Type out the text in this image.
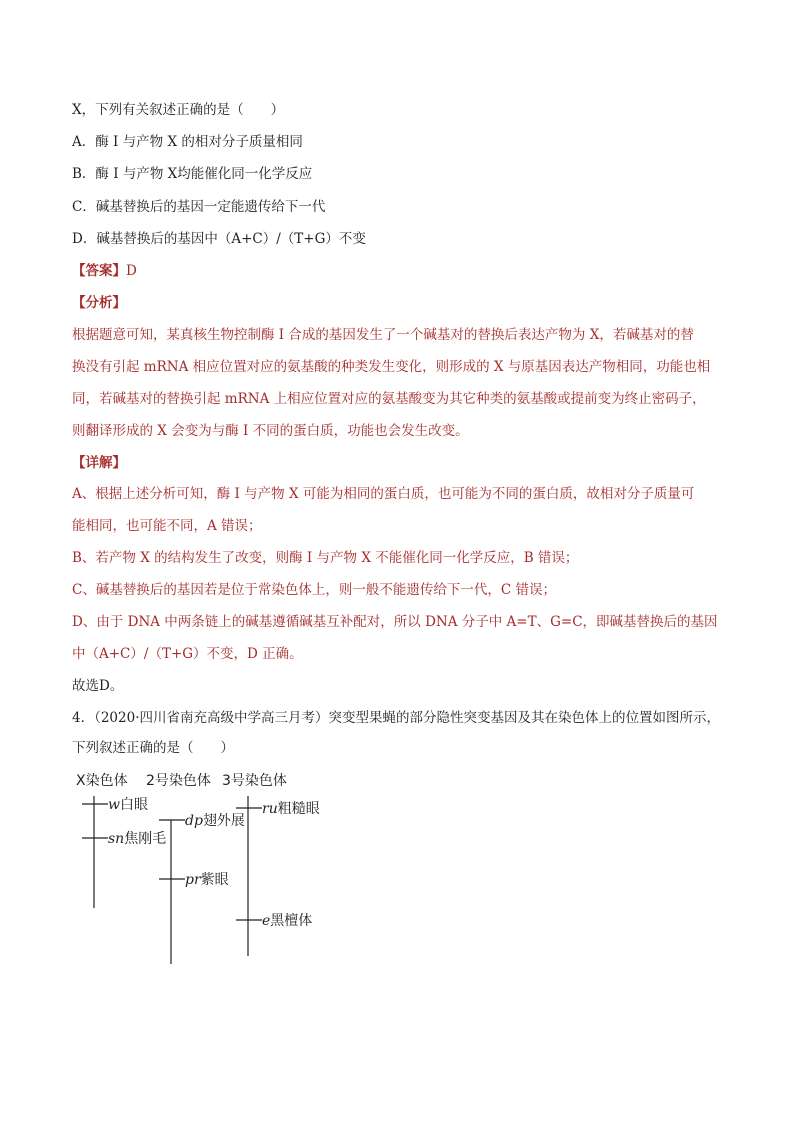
X，下列有关叙述正确的是（　　）
A．酶 I 与产物 X 的相对分子质量相同
B．酶 I 与产物 X均能催化同一化学反应
C．碱基替换后的基因一定能遗传给下一代
D．碱基替换后的基因中（A+C）/（T+G）不变
【答案】D
【分析】
根据题意可知，某真核生物控制酶 I 合成的基因发生了一个碱基对的替换后表达产物为 X，若碱基对的替
换没有引起 mRNA 相应位置对应的氨基酸的种类发生变化，则形成的 X 与原基因表达产物相同，功能也相
同，若碱基对的替换引起 mRNA 上相应位置对应的氨基酸变为其它种类的氨基酸或提前变为终止密码子，
则翻译形成的 X 会变为与酶 I 不同的蛋白质，功能也会发生改变。
【详解】
A、根据上述分析可知，酶 I 与产物 X 可能为相同的蛋白质，也可能为不同的蛋白质，故相对分子质量可
能相同，也可能不同，A 错误；
B、若产物 X 的结构发生了改变，则酶 I 与产物 X 不能催化同一化学反应，B 错误；
C、碱基替换后的基因若是位于常染色体上，则一般不能遗传给下一代，C 错误；
D、由于 DNA 中两条链上的碱基遵循碱基互补配对，所以 DNA 分子中 A=T、G=C，即碱基替换后的基因
中（A+C）/（T+G）不变，D 正确。
故选D。
4．（2020·四川省南充高级中学高三月考）突变型果蝇的部分隐性突变基因及其在染色体上的位置如图所示，
下列叙述正确的是（　　）
X染色体 2号染色体 3号染色体
w白眼
sn焦刚毛
dp翅外展
pr紫眼
ru粗糙眼
e黑檀体
